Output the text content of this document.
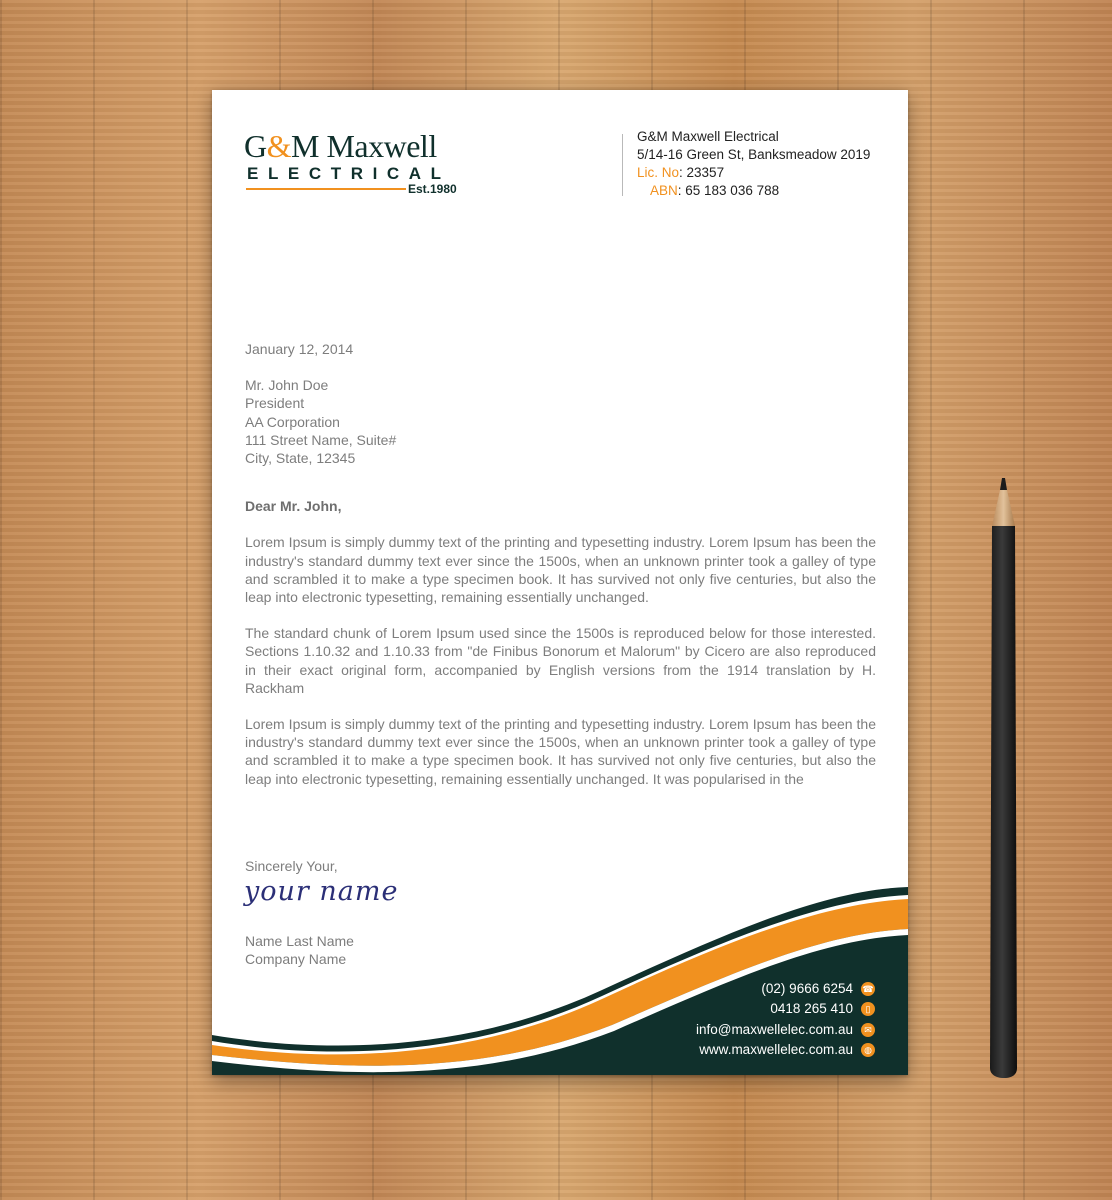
G&M Maxwell
ELECTRICAL
Est.1980
G&M Maxwell Electrical
5/14-16 Green St, Banksmeadow 2019
Lic. No: 23357
ABN: 65 183 036 788
January 12, 2014
Mr. John Doe
President
AA Corporation
111 Street Name, Suite#
City, State, 12345
Dear Mr. John,

Lorem Ipsum is simply dummy text of the printing and typesetting industry. Lorem Ipsum has been the industry's standard dummy text ever since the 1500s, when an unknown printer took a galley of type and scrambled it to make a type specimen book. It has survived not only five centuries, but also the leap into electronic typesetting, remaining essentially unchanged.

The standard chunk of Lorem Ipsum used since the 1500s is reproduced below for those interested. Sections 1.10.32 and 1.10.33 from "de Finibus Bonorum et Malorum" by Cicero are also reproduced in their exact original form, accompanied by English versions from the 1914 translation by H. Rackham

Lorem Ipsum is simply dummy text of the printing and typesetting industry. Lorem Ipsum has been the industry's standard dummy text ever since the 1500s, when an unknown printer took a galley of type and scrambled it to make a type specimen book. It has survived not only five centuries, but also the leap into electronic typesetting, remaining essentially unchanged. It was popularised in the

Sincerely Your,
your name
Name Last Name
Company Name
(02) 9666 6254 ☎
0418 265 410	▯
info@maxwellelec.com.au	✉
www.maxwellelec.com.au	◍
